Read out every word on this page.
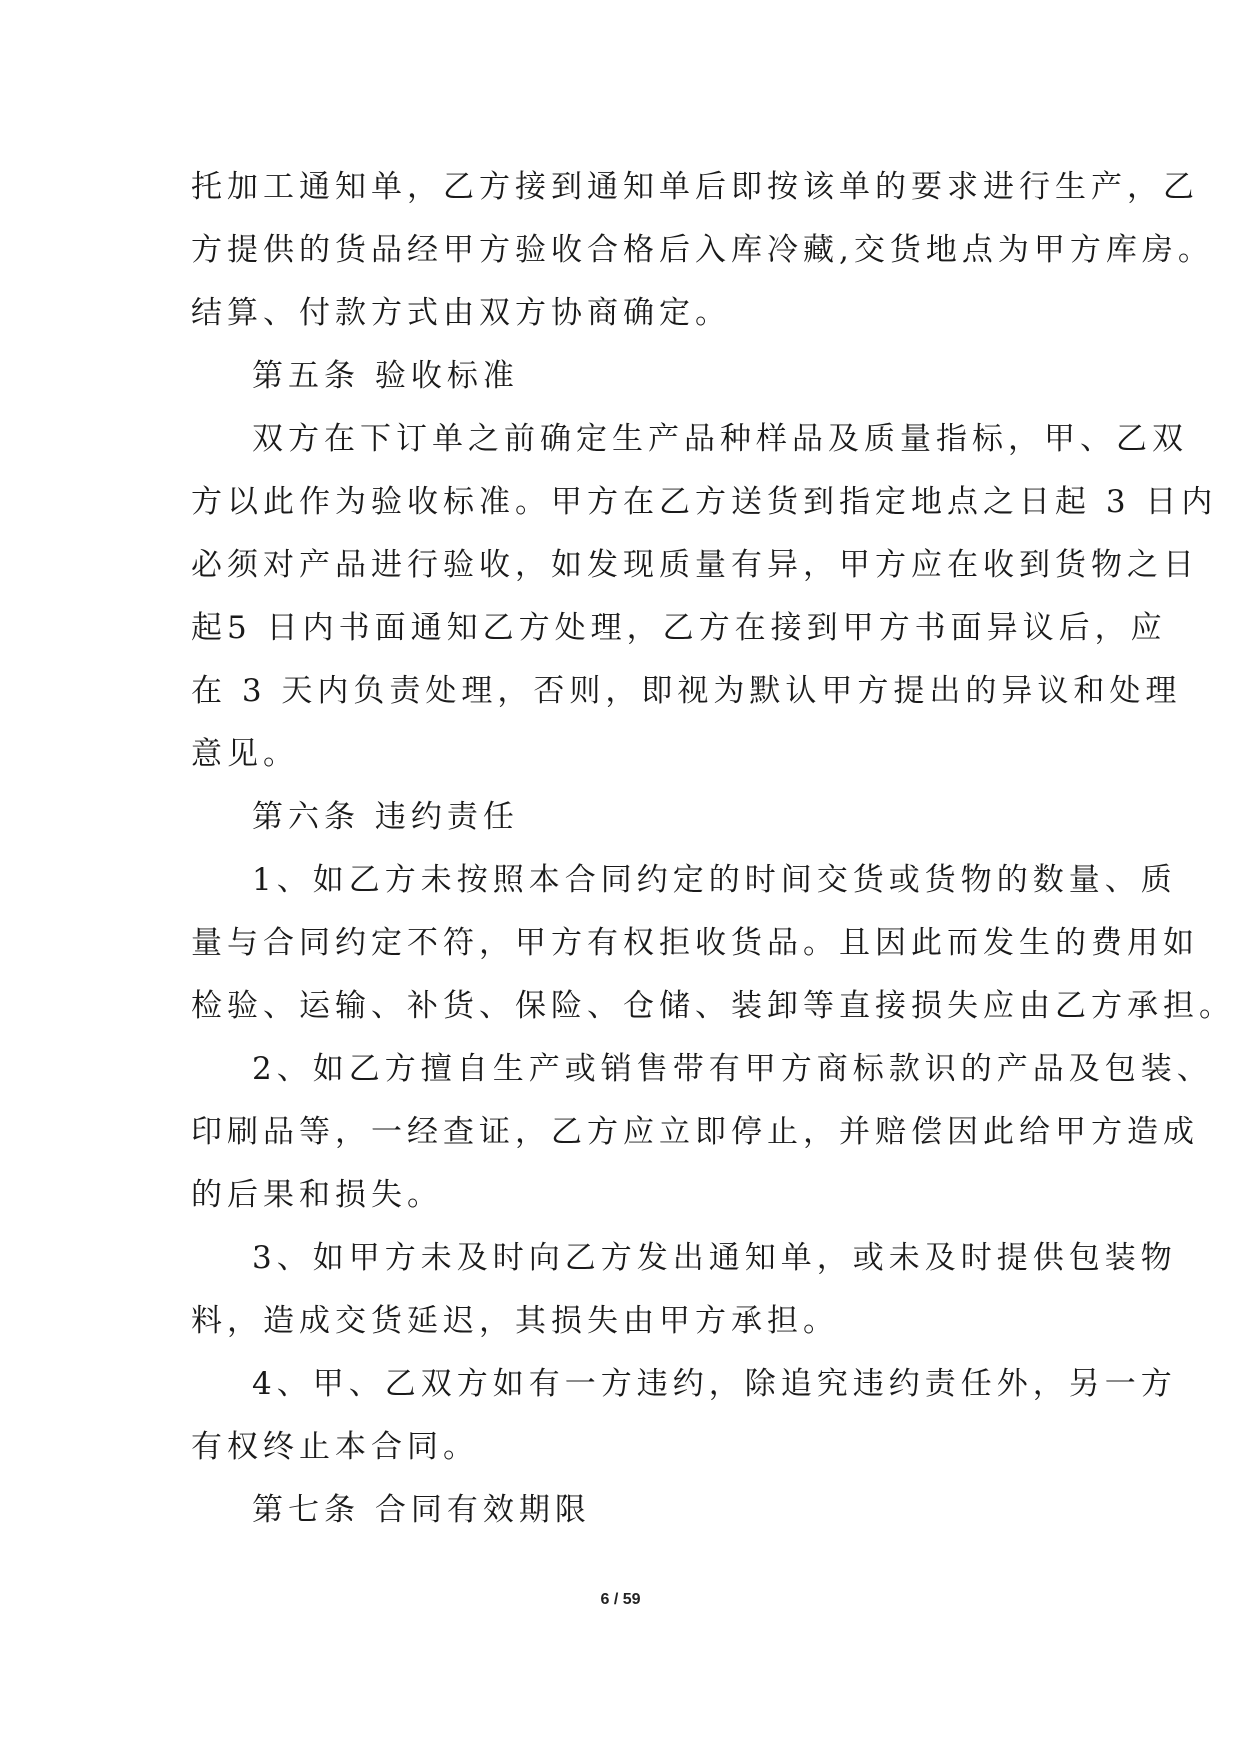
托加工通知单，乙方接到通知单后即按该单的要求进行生产，乙
方提供的货品经甲方验收合格后入库冷藏,交货地点为甲方库房。
结算、付款方式由双方协商确定。
第五条 验收标准
双方在下订单之前确定生产品种样品及质量指标，甲、乙双
方以此作为验收标准。甲方在乙方送货到指定地点之日起 3 日内
必须对产品进行验收，如发现质量有异，甲方应在收到货物之日
起5 日内书面通知乙方处理，乙方在接到甲方书面异议后，应
在 3 天内负责处理，否则，即视为默认甲方提出的异议和处理
意见。
第六条 违约责任
1、如乙方未按照本合同约定的时间交货或货物的数量、质
量与合同约定不符，甲方有权拒收货品。且因此而发生的费用如
检验、运输、补货、保险、仓储、装卸等直接损失应由乙方承担。
2、如乙方擅自生产或销售带有甲方商标款识的产品及包装、
印刷品等，一经查证，乙方应立即停止，并赔偿因此给甲方造成
的后果和损失。
3、如甲方未及时向乙方发出通知单，或未及时提供包装物
料，造成交货延迟，其损失由甲方承担。
4、甲、乙双方如有一方违约，除追究违约责任外，另一方
有权终止本合同。
第七条 合同有效期限
6 / 59
